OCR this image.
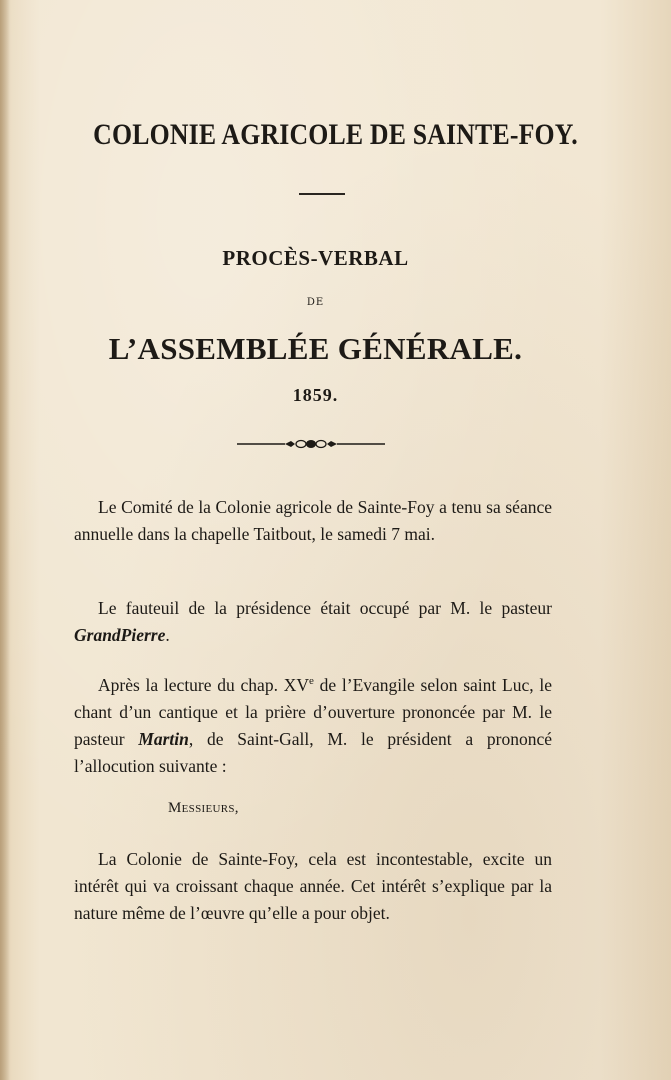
COLONIE AGRICOLE DE SAINTE-FOY.
PROCÈS-VERBAL
DE
L’ASSEMBLÉE GÉNÉRALE.
1859.
Le Comité de la Colonie agricole de Sainte-Foy a tenu sa séance annuelle dans la chapelle Taitbout, le samedi 7 mai.
Le fauteuil de la présidence était occupé par M. le pasteur GrandPierre.
Après la lecture du chap. XVe de l’Evangile selon saint Luc, le chant d’un cantique et la prière d’ouverture prononcée par M. le pasteur Martin, de Saint-Gall, M. le président a prononcé l’allocution suivante :
Messieurs,
La Colonie de Sainte-Foy, cela est incontestable, excite un intérêt qui va croissant chaque année. Cet intérêt s’explique par la nature même de l’œuvre qu’elle a pour objet.
